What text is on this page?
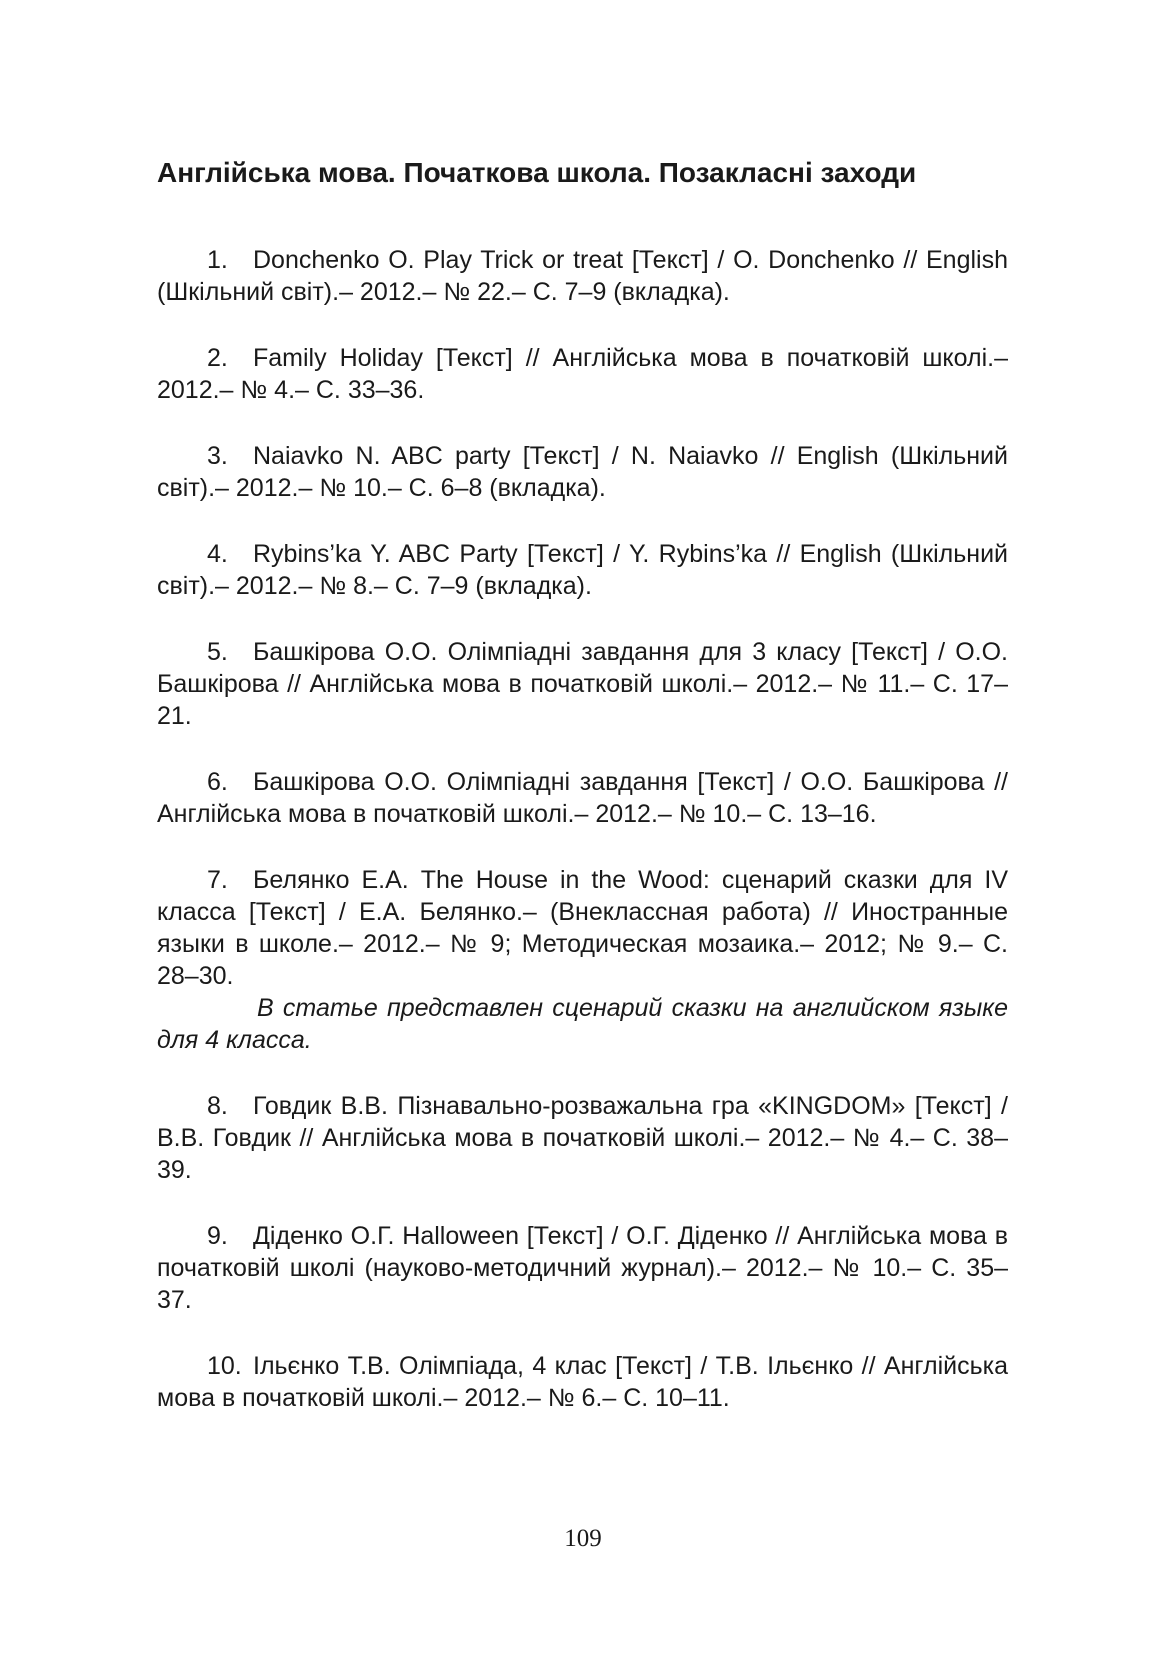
Англійська мова. Початкова школа. Позакласні заходи

1. Donchenko O. Play Trick or treat [Текст] / O. Donchenko // English (Шкільний світ).– 2012.– № 22.– С. 7–9 (вкладка).

2. Family Holiday [Текст] // Англійська мова в початковій школі.– 2012.– № 4.– С. 33–36.

3. Naiavko N. ABC party [Текст] / N. Naiavko // English (Шкільний світ).– 2012.– № 10.– С. 6–8 (вкладка).

4. Rybins’ka Y. ABC Party [Текст] / Y. Rybins’ka // English (Шкільний світ).– 2012.– № 8.– С. 7–9 (вкладка).

5. Башкірова О.О. Олімпіадні завдання для 3 класу [Текст] / О.О. Башкірова // Англійська мова в початковій школі.– 2012.– № 11.– С. 17–21.

6. Башкірова О.О. Олімпіадні завдання [Текст] / О.О. Башкірова // Англійська мова в початковій школі.– 2012.– № 10.– С. 13–16.

7. Белянко Е.А. The House in the Wood: сценарий сказки для IV класса [Текст] / Е.А. Белянко.– (Внеклассная работа) // Иностранные языки в школе.– 2012.– № 9; Методическая мозаика.– 2012; № 9.– С. 28–30.

В статье представлен сценарий сказки на английском языке для 4 класса.

8. Говдик В.В. Пізнавально-розважальна гра «KINGDOM» [Текст] / В.В. Говдик // Англійська мова в початковій школі.– 2012.– № 4.– С. 38–39.

9. Діденко О.Г. Halloween [Текст] / О.Г. Діденко // Англійська мова в початковій школі (науково-методичний журнал).– 2012.– № 10.– С. 35–37.

10. Ільєнко Т.В. Олімпіада, 4 клас [Текст] / Т.В. Ільєнко // Англійська мова в початковій школі.– 2012.– № 6.– С. 10–11.

109
